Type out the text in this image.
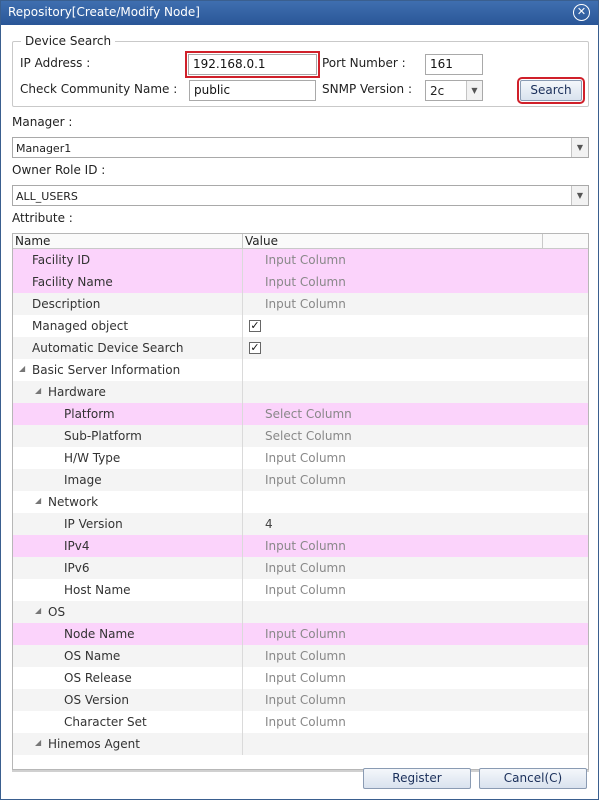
Repository[Create/Modify Node]	✕
Device Search
IP Address :	192.168.0.1	Port Number :	161
Check Community Name :	public	SNMP Version : 2c	▼	Search
Manager :
Manager1	▼
Owner Role ID :
ALL_USERS	▼
Attribute :
Name	Value
Facility ID	Input Column
Facility Name	Input Column
Description	Input Column
Managed object	✓
Automatic Device Search	✓
◢ Basic Server Information
◢ Hardware
Platform	Select Column
Sub-Platform	Select Column
H/W Type	Input Column
Image	Input Column
◢ Network
IP Version	4
IPv4	Input Column
IPv6	Input Column
Host Name	Input Column
◢ OS
Node Name	Input Column
OS Name	Input Column
OS Release	Input Column
OS Version	Input Column
Character Set	Input Column
◢ Hinemos Agent
Register	Cancel(C)
